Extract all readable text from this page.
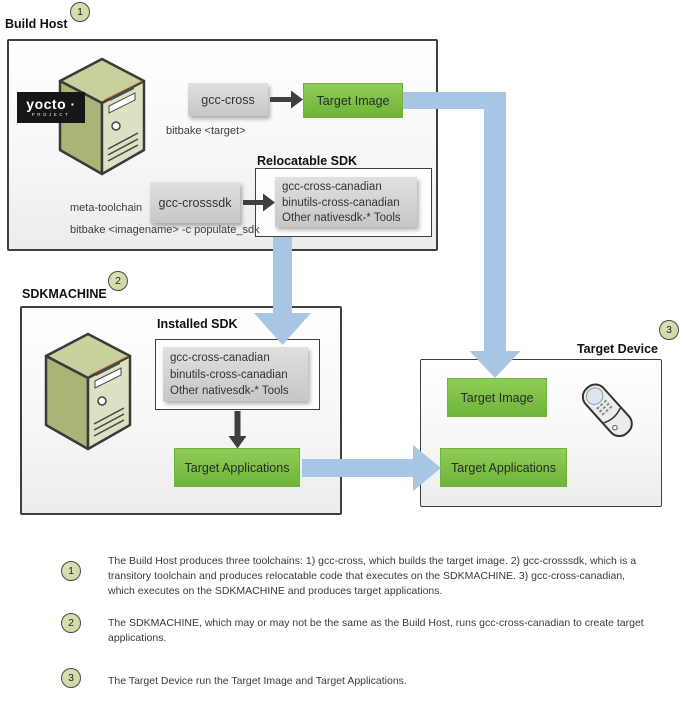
1
Build Host
yocto ·
PROJECT
gcc-cross	Target Image
bitbake <target>
Relocatable SDK
gcc-cross-canadian
binutils-cross-canadian
Other nativesdk-* Tools
gcc-crosssdk
meta-toolchain
bitbake <imagename> -c populate_sdk
2
SDKMACHINE
Installed SDK
gcc-cross-canadian
binutils-cross-canadian
Other nativesdk-* Tools
Target Applications
3
Target Device
Target Image
Target Applications
1
The Build Host produces three toolchains: 1) gcc-cross, which builds the target image. 2) gcc-crosssdk, which is a transitory toolchain and produces relocatable code that executes on the SDKMACHINE. 3) gcc-cross-canadian, which executes on the SDKMACHINE and produces target applications.
2	The SDKMACHINE, which may or may not be the same as the Build Host, runs gcc-cross-canadian to create target applications.
3	The Target Device run the Target Image and Target Applications.
